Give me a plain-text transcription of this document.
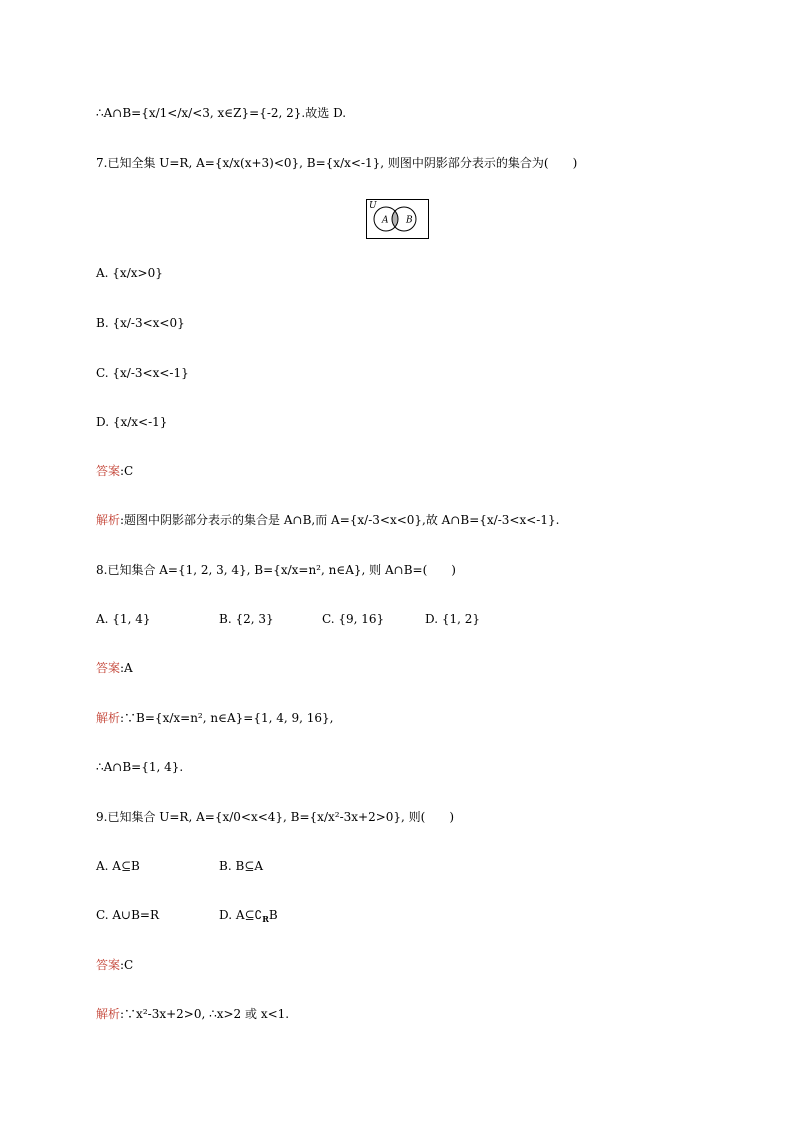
∴A∩B={x/1</x/<3, x∈Z}={-2, 2}.故选 D.
7.已知全集 U=R, A={x/x(x+3)<0}, B={x/x<-1}, 则图中阴影部分表示的集合为(　　)
U
A B
A. {x/x>0}
B. {x/-3<x<0}
C. {x/-3<x<-1}
D. {x/x<-1}
答案:C
解析:题图中阴影部分表示的集合是 A∩B,而 A={x/-3<x<0},故 A∩B={x/-3<x<-1}.
8.已知集合 A={1, 2, 3, 4}, B={x/x=n², n∈A}, 则 A∩B=(　　)
A. {1, 4}	B. {2, 3}	C. {9, 16}	D. {1, 2}
答案:A
解析:∵B={x/x=n², n∈A}={1, 4, 9, 16},
∴A∩B={1, 4}.
9.已知集合 U=R, A={x/0<x<4}, B={x/x²-3x+2>0}, 则(　　)
A. A⊆B	B. B⊆A
C. A∪B=R	D. $A⊆∁_RB$
答案:C
解析:∵x²-3x+2>0, ∴x>2 或 x<1.
